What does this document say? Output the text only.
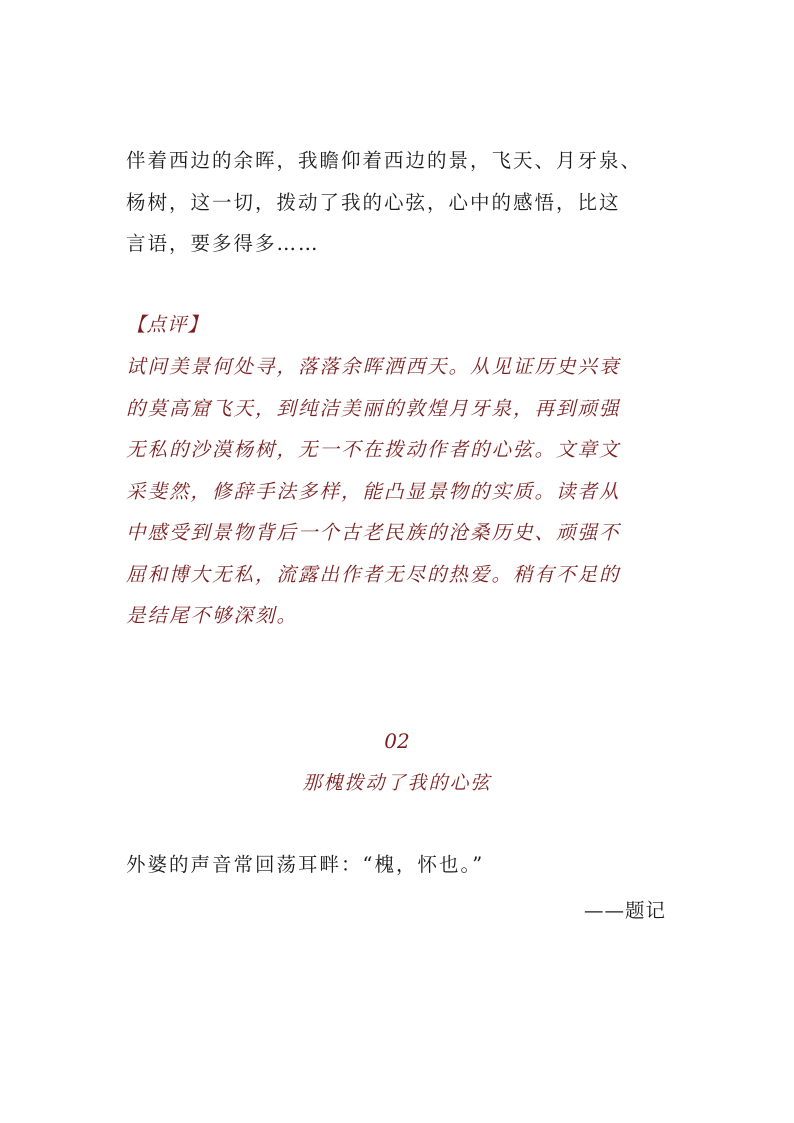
伴着西边的余晖，我瞻仰着西边的景，飞天、月牙泉、
杨树，这一切，拨动了我的心弦，心中的感悟，比这
言语，要多得多……

【点评】

试问美景何处寻，落落余晖洒西天。从见证历史兴衰
的莫高窟飞天，到纯洁美丽的敦煌月牙泉，再到顽强
无私的沙漠杨树，无一不在拨动作者的心弦。文章文
采斐然，修辞手法多样，能凸显景物的实质。读者从
中感受到景物背后一个古老民族的沧桑历史、顽强不
屈和博大无私，流露出作者无尽的热爱。稍有不足的
是结尾不够深刻。

02

那槐拨动了我的心弦

外婆的声音常回荡耳畔：“槐，怀也。”

——题记
